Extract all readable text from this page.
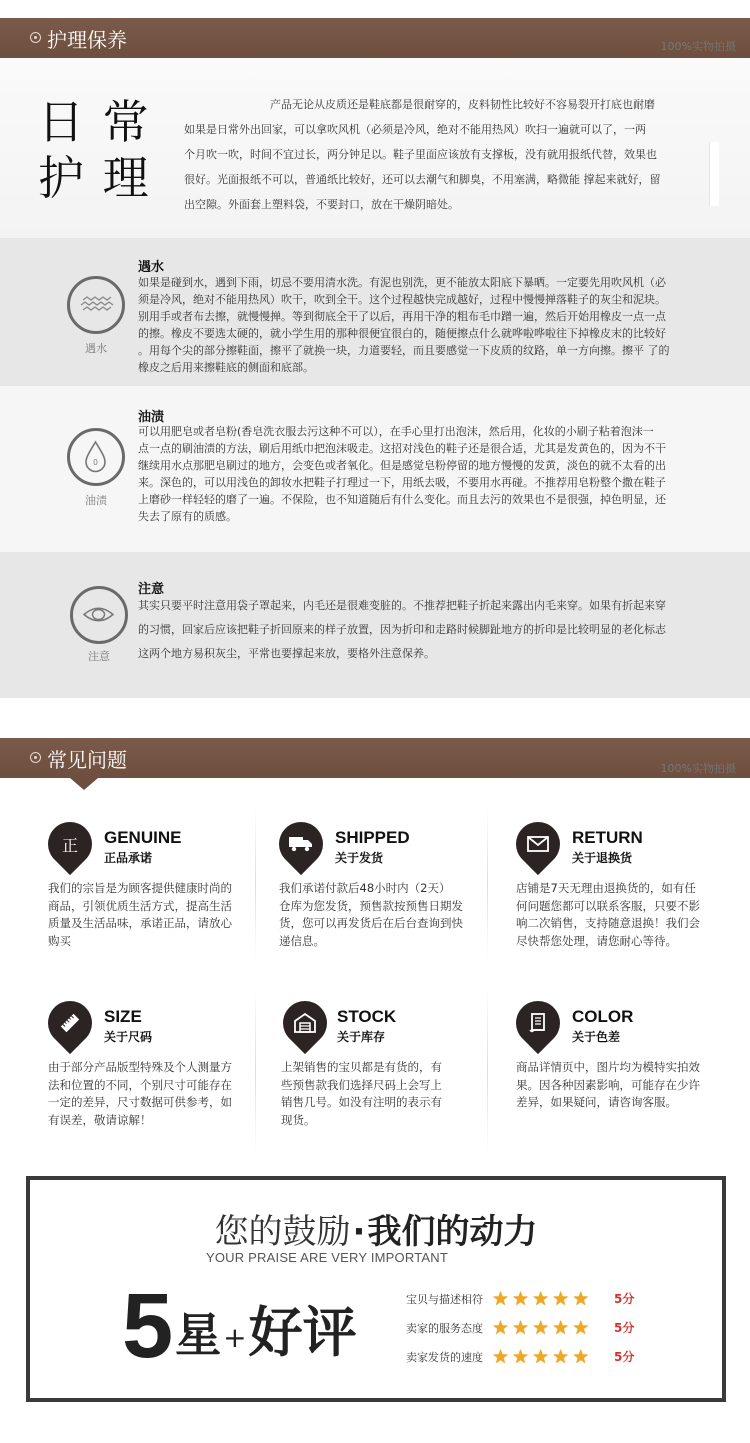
护理保养	100%实物拍摄
日 常
护 理
产品无论从皮质还是鞋底都是很耐穿的，皮料韧性比较好不容易裂开打底也耐磨
如果是日常外出回家，可以拿吹风机（必须是冷风，绝对不能用热风）吹扫一遍就可以了，一两
个月吹一吹，时间不宜过长，两分钟足以。鞋子里面应该放有支撑板，没有就用报纸代替，效果也
很好。光面报纸不可以，普通纸比较好，还可以去潮气和脚臭，不用塞满，略微能 撑起来就好，留
出空隙。外面套上塑料袋，不要封口，放在干燥阴暗处。
遇水
遇水
如果是碰到水，遇到下雨，切忌不要用清水洗。有泥也别洗，更不能放太阳底下暴晒。一定要先用吹风机（必
须是冷风，绝对不能用热风）吹干，吹到全干。这个过程越快完成越好，过程中慢慢掸落鞋子的灰尘和泥块。
别用手或者布去擦，就慢慢掸。等到彻底全干了以后，再用干净的粗布毛巾蹭一遍，然后开始用橡皮一点一点
的擦。橡皮不要选太硬的，就小学生用的那种很便宜很白的，随便擦点什么就哗啦哗啦往下掉橡皮末的比较好
。用每个尖的部分擦鞋面，擦平了就换一块，力道要轻，而且要感觉一下皮质的纹路，单一方向擦。擦平 了的
橡皮之后用来擦鞋底的侧面和底部。
0
油渍
油渍
可以用肥皂或者皂粉(香皂洗衣服去污这种不可以），在手心里打出泡沫，然后用，化妆的小刷子粘着泡沫一
点一点的刷油渍的方法，刷后用纸巾把泡沫吸走。这招对浅色的鞋子还是很合适，尤其是发黄色的，因为不干
继续用水点那肥皂刷过的地方，会变色或者氧化。但是感觉皂粉停留的地方慢慢的发黄，淡色的就不太看的出
来。深色的，可以用浅色的卸妆水把鞋子打理过一下，用纸去吸，不要用水再碰。不推荐用皂粉整个撒在鞋子
上磨砂一样轻轻的磨了一遍。不保险，也不知道随后有什么变化。而且去污的效果也不是很强，掉色明显，还
失去了原有的质感。
注意
注意
其实只要平时注意用袋子罩起来，内毛还是很难变脏的。不推荐把鞋子折起来露出内毛来穿。如果有折起来穿
的习惯，回家后应该把鞋子折回原来的样子放置，因为折印和走路时候脚趾地方的折印是比较明显的老化标志
这两个地方易积灰尘，平常也要撑起来放，要格外注意保养。
常见问题	100%实物拍摄
正 GENUINE
正品承诺
我们的宗旨是为顾客提供健康时尚的
商品，引领优质生活方式，提高生活
质量及生活品味，承诺正品，请放心
购买
SHIPPED
关于发货
我们承诺付款后48小时内（2天）
仓库为您发货，预售款按预售日期发
货，您可以再发货后在后台查询到快
递信息。
RETURN
关于退换货
店铺是7天无理由退换货的，如有任
何问题您都可以联系客服，只要不影
响二次销售，支持随意退换！我们会
尽快帮您处理，请您耐心等待。
SIZE
关于尺码
由于部分产品版型特殊及个人测量方
法和位置的不同，个别尺寸可能存在
一定的差异，尺寸数据可供参考，如
有误差，敬请谅解！
STOCK
关于库存
上架销售的宝贝都是有货的，有
些预售款我们选择尺码上会写上
销售几号。如没有注明的表示有
现货。
COLOR
关于色差
商品详情页中，图片均为模特实拍效
果。因各种因素影响，可能存在少许
差异，如果疑问，请咨询客服。
您的鼓励·我们的动力
YOUR PRAISE ARE VERY IMPORTANT
5星+好评
宝贝与描述相符 ★ ★ ★ ★ ★	5分
卖家的服务态度 ★ ★ ★ ★ ★	5分
卖家发货的速度 ★ ★ ★ ★ ★	5分
